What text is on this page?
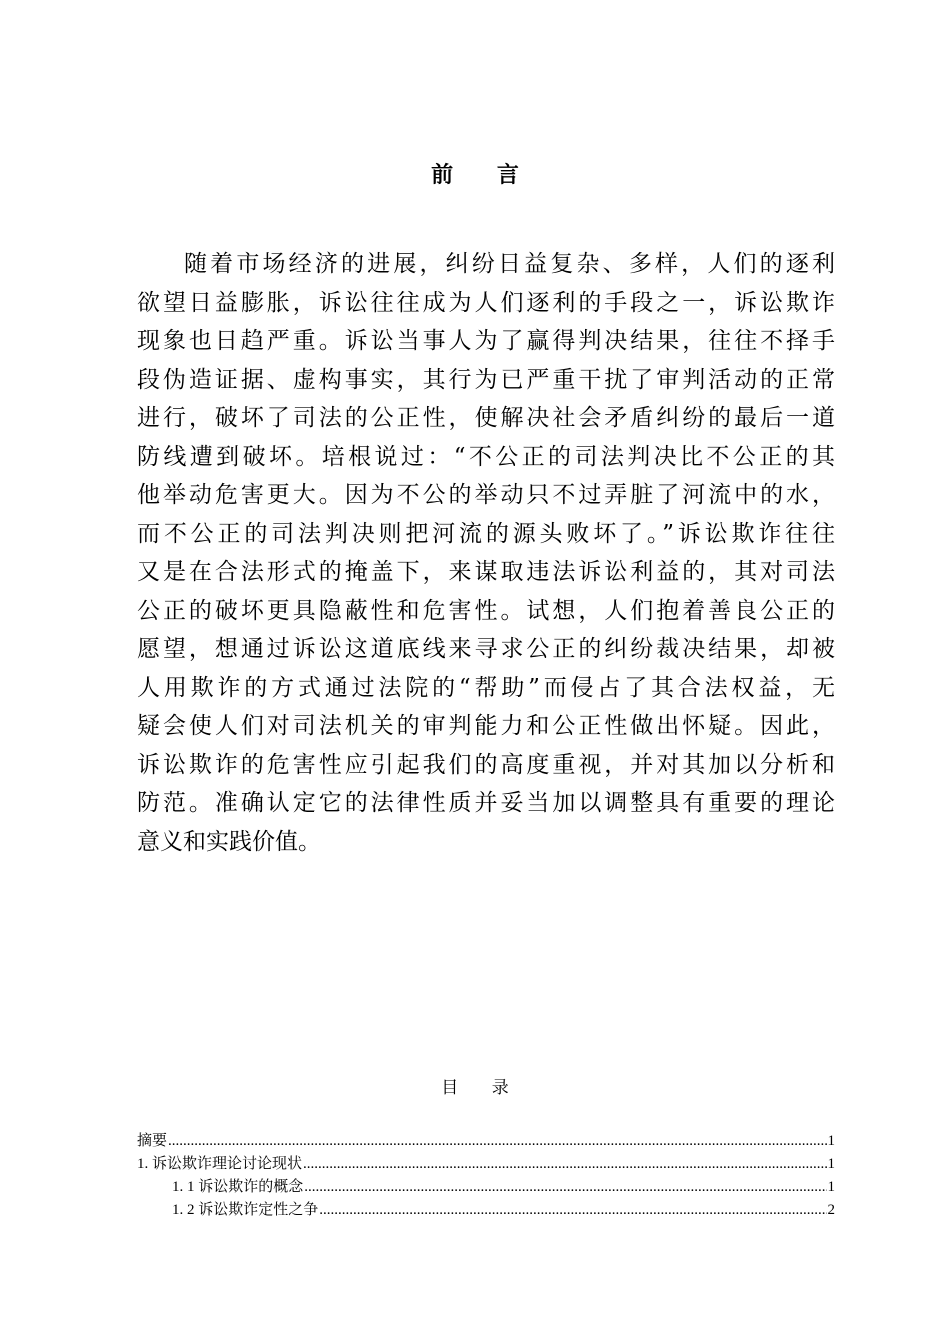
前 言
随着市场经济的进展，纠纷日益复杂、多样，人们的逐利
欲望日益膨胀，诉讼往往成为人们逐利的手段之一，诉讼欺诈
现象也日趋严重。诉讼当事人为了赢得判决结果，往往不择手
段伪造证据、虚构事实，其行为已严重干扰了审判活动的正常
进行，破坏了司法的公正性，使解决社会矛盾纠纷的最后一道
防线遭到破坏。培根说过：“不公正的司法判决比不公正的其
他举动危害更大。因为不公的举动只不过弄脏了河流中的水，
而不公正的司法判决则把河流的源头败坏了。”诉讼欺诈往往
又是在合法形式的掩盖下，来谋取违法诉讼利益的，其对司法
公正的破坏更具隐蔽性和危害性。试想，人们抱着善良公正的
愿望，想通过诉讼这道底线来寻求公正的纠纷裁决结果，却被
人用欺诈的方式通过法院的“帮助”而侵占了其合法权益，无
疑会使人们对司法机关的审判能力和公正性做出怀疑。因此，
诉讼欺诈的危害性应引起我们的高度重视，并对其加以分析和
防范。准确认定它的法律性质并妥当加以调整具有重要的理论
意义和实践价值。
目 录
摘要 .....	1
1. 诉讼欺诈理论讨论现状 .....	1
1. 1 诉讼欺诈的概念 .....	1
1. 2 诉讼欺诈定性之争 .....	2
